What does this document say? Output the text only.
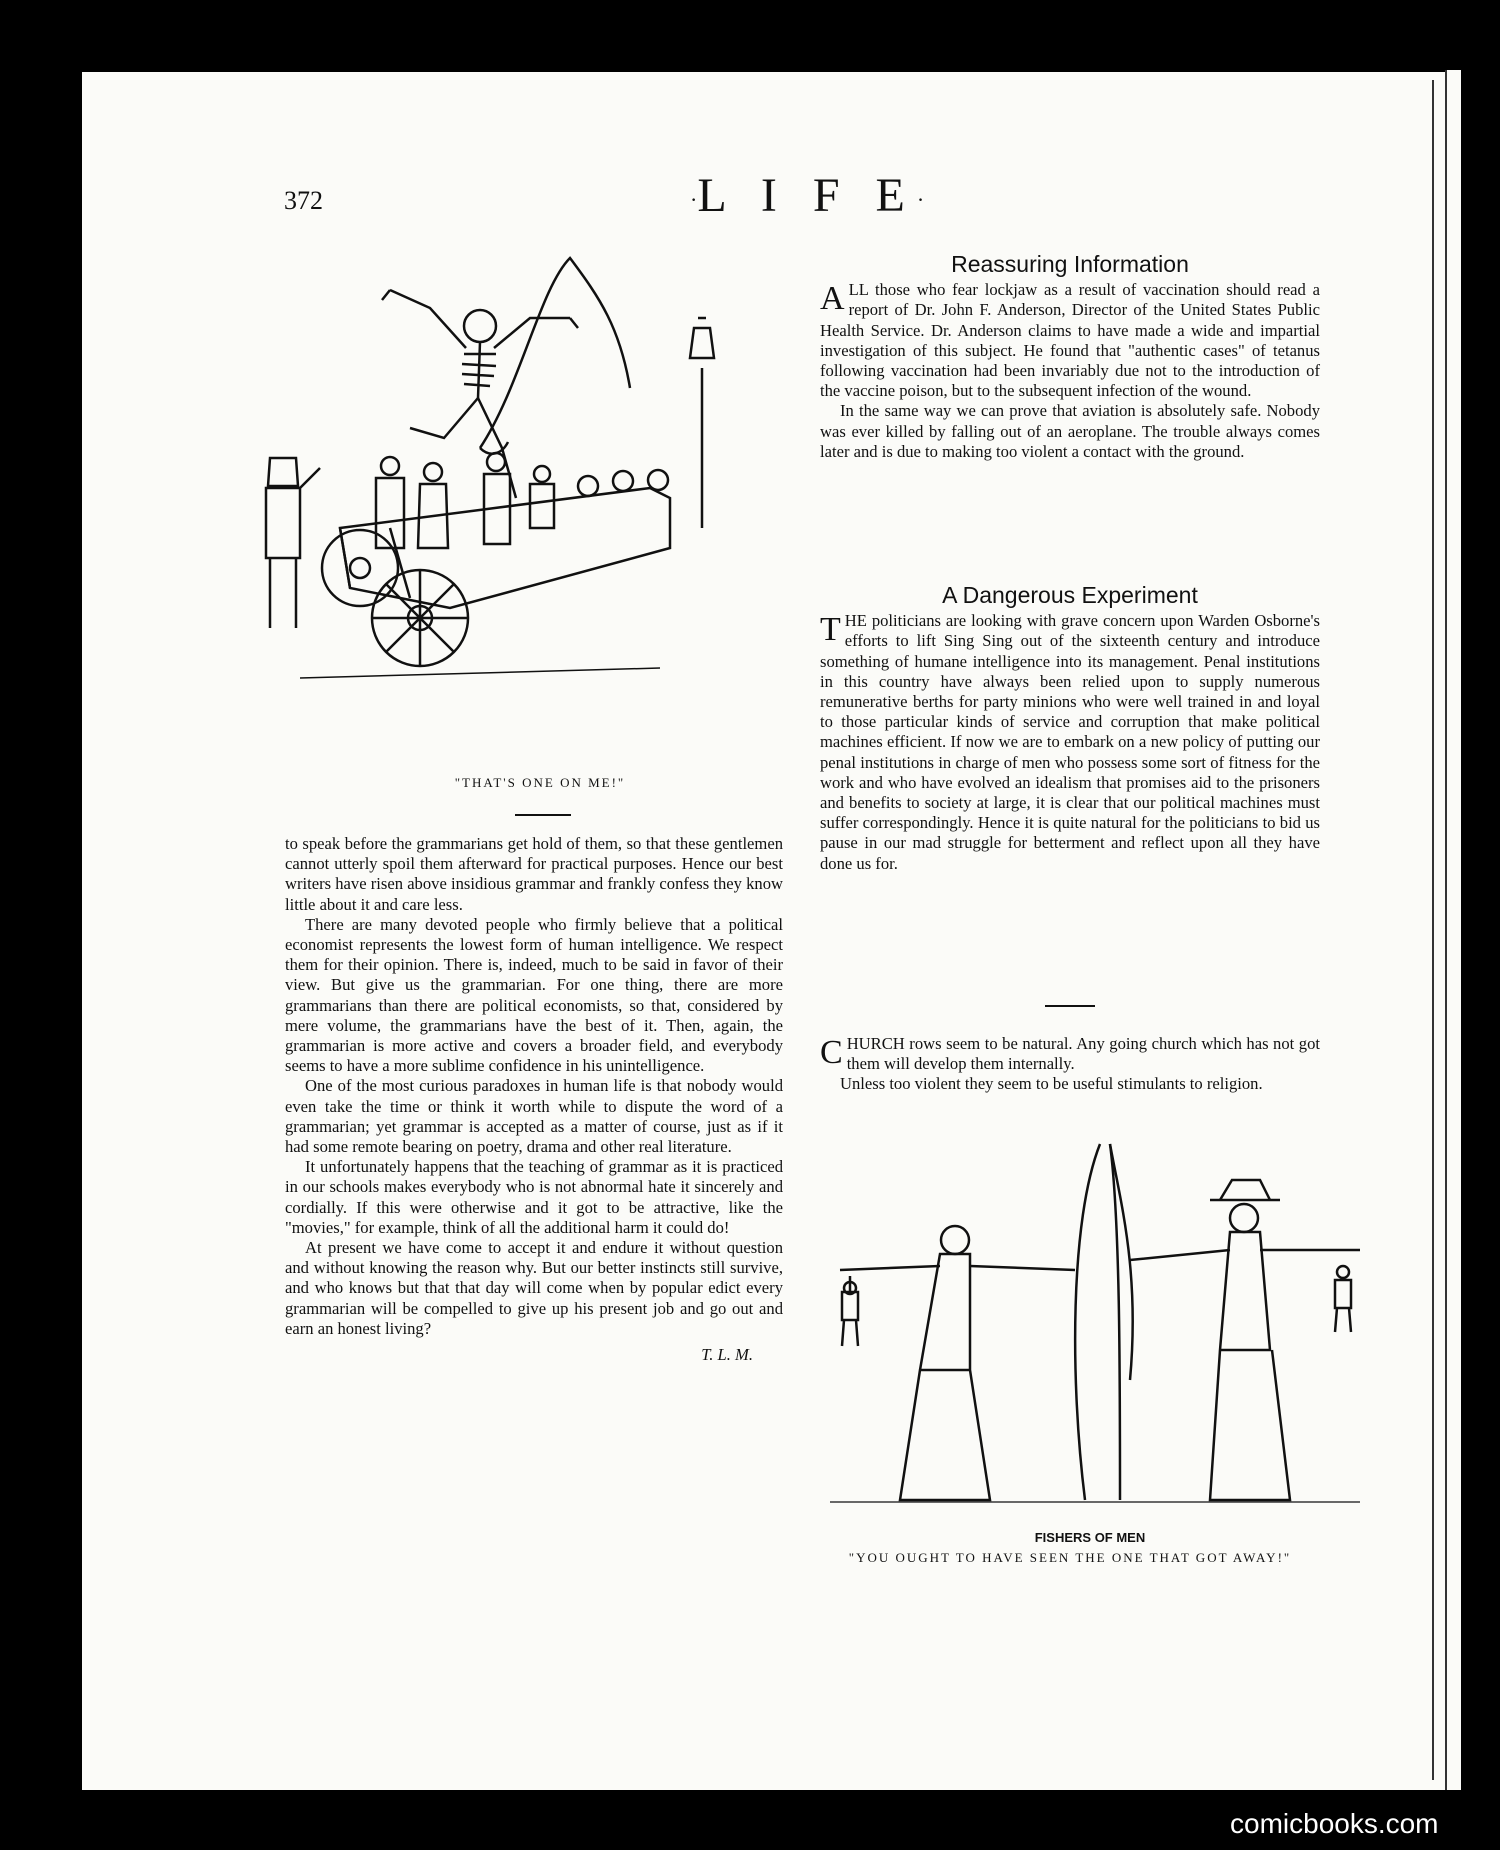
372	·L I F E·
"THAT'S ONE ON ME!"

to speak before the grammarians get hold of them, so that these gentlemen cannot utterly spoil them afterward for practical purposes. Hence our best writers have risen above insidious grammar and frankly confess they know little about it and care less.

There are many devoted people who firmly believe that a political economist represents the lowest form of human intelligence. We respect them for their opinion. There is, indeed, much to be said in favor of their view. But give us the grammarian. For one thing, there are more grammarians than there are political economists, so that, considered by mere volume, the grammarians have the best of it. Then, again, the grammarian is more active and covers a broader field, and everybody seems to have a more sublime confidence in his unintelligence.

One of the most curious paradoxes in human life is that nobody would even take the time or think it worth while to dispute the word of a grammarian; yet grammar is accepted as a matter of course, just as if it had some remote bearing on poetry, drama and other real literature.

It unfortunately happens that the teaching of grammar as it is practiced in our schools makes everybody who is not abnormal hate it sincerely and cordially. If this were otherwise and it got to be attractive, like the "movies," for example, think of all the additional harm it could do!

At present we have come to accept it and endure it without question and without knowing the reason why. But our better instincts still survive, and who knows but that that day will come when by popular edict every grammarian will be compelled to give up his present job and go out and earn an honest living?

T. L. M.
Reassuring Information

ALL those who fear lockjaw as a result of vaccination should read a report of Dr. John F. Anderson, Director of the United States Public Health Service. Dr. Anderson claims to have made a wide and impartial investigation of this subject. He found that "authentic cases" of tetanus following vaccination had been invariably due not to the introduction of the vaccine poison, but to the subsequent infection of the wound.

In the same way we can prove that aviation is absolutely safe. Nobody was ever killed by falling out of an aeroplane. The trouble always comes later and is due to making too violent a contact with the ground.

A Dangerous Experiment

THE politicians are looking with grave concern upon Warden Osborne's efforts to lift Sing Sing out of the sixteenth century and introduce something of humane intelligence into its management. Penal institutions in this country have always been relied upon to supply numerous remunerative berths for party minions who were well trained in and loyal to those particular kinds of service and corruption that make political machines efficient. If now we are to embark on a new policy of putting our penal institutions in charge of men who possess some sort of fitness for the work and who have evolved an idealism that promises aid to the prisoners and benefits to society at large, it is clear that our political machines must suffer correspondingly. Hence it is quite natural for the politicians to bid us pause in our mad struggle for betterment and reflect upon all they have done us for.

CHURCH rows seem to be natural. Any going church which has not got them will develop them internally.

Unless too violent they seem to be useful stimulants to religion.

FISHERS OF MEN
"YOU OUGHT TO HAVE SEEN THE ONE THAT GOT AWAY!"
comicbooks.com
